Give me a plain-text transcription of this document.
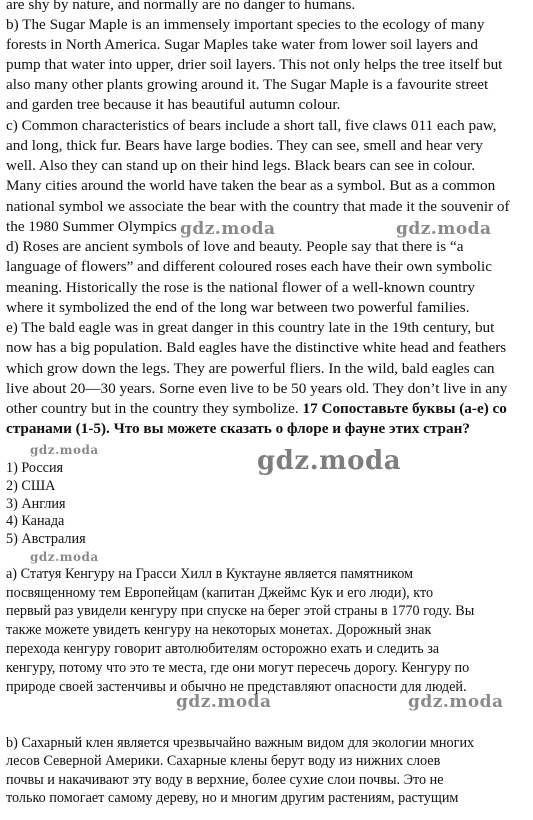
are shy by nature, and normally are no danger to humans.
b) The Sugar Maple is an immensely important species to the ecology of many
forests in North America. Sugar Maples take water from lower soil layers and
pump that water into upper, drier soil layers. This not only helps the tree itself but
also many other plants growing around it. The Sugar Maple is a favourite street
and garden tree because it has beautiful autumn colour.
c) Common characteristics of bears include a short tall, five claws 011 each paw,
and long, thick fur. Bears have large bodies. They can see, smell and hear very
well. Also they can stand up on their hind legs. Black bears can see in colour.
Many cities around the world have taken the bear as a symbol. But as a common
national symbol we associate the bear with the country that made it the souvenir of
the 1980 Summer Olympics
d) Roses are ancient symbols of love and beauty. People say that there is “a
language of flowers” and different coloured roses each have their own symbolic
meaning. Historically the rose is the national flower of a well-known country
where it symbolized the end of the long war between two powerful families.
e) The bald eagle was in great danger in this country late in the 19th century, but
now has a big population. Bald eagles have the distinctive white head and feathers
which grow down the legs. They are powerful fliers. In the wild, bald eagles can
live about 20—30 years. Sorne even live to be 50 years old. They don’t live in any
other country but in the country they symbolize. 17 Сопоставьте буквы (а-е) со
странами (1-5). Что вы можете сказать о флоре и фауне этих стран?
1) Россия
2) США
3) Англия
4) Канада
5) Австралия
а) Статуя Кенгуру на Грасси Хилл в Куктауне является памятником
посвященному тем Европейцам (капитан Джеймс Кук и его люди), кто
первый раз увидели кенгуру при спуске на берег этой страны в 1770 году. Вы
также можете увидеть кенгуру на некоторых монетах. Дорожный знак
перехода кенгуру говорит автолюбителям осторожно ехать и следить за
кенгуру, потому что это те места, где они могут пересечь дорогу. Кенгуру по
природе своей застенчивы и обычно не представляют опасности для людей.
b) Сахарный клен является чрезвычайно важным видом для экологии многих
лесов Северной Америки. Сахарные клены берут воду из нижних слоев
почвы и накачивают эту воду в верхние, более сухие слои почвы. Это не
только помогает самому дереву, но и многим другим растениям, растущим
gdz.moda	gdz.moda
gdz.moda
gdz.moda
gdz.moda
gdz.moda	gdz.moda
